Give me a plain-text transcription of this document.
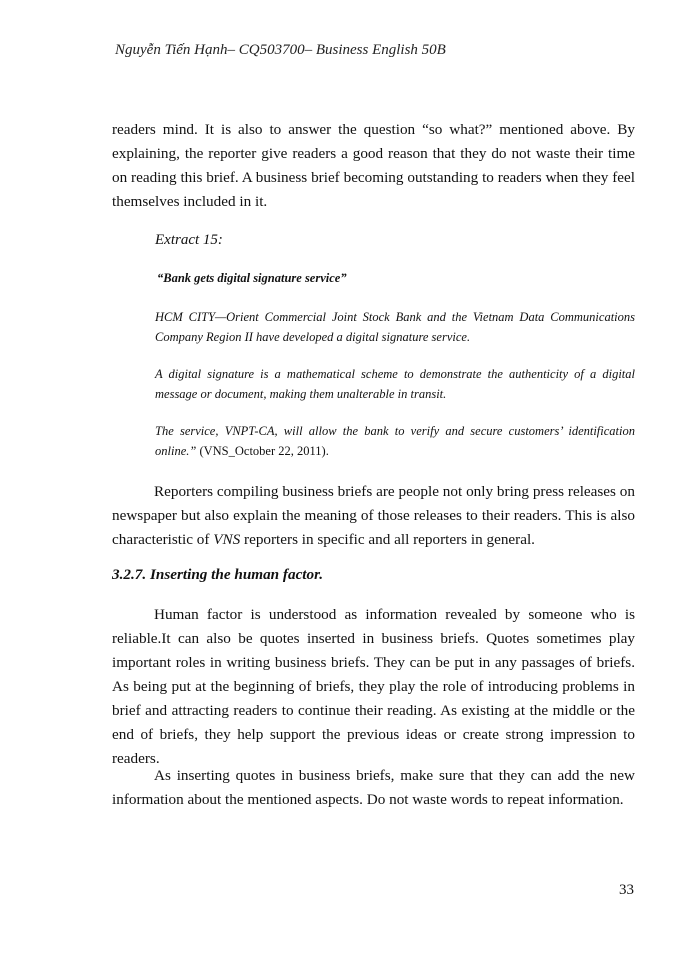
Nguyễn Tiến Hạnh– CQ503700– Business English 50B

readers mind. It is also to answer the question “so what?” mentioned above. By explaining, the reporter give readers a good reason that they do not waste their time on reading this brief. A business brief becoming outstanding to readers when they feel themselves included in it.

Extract 15:
“Bank gets digital signature service”

HCM CITY—Orient Commercial Joint Stock Bank and the Vietnam Data Communications Company Region II have developed a digital signature service.

A digital signature is a mathematical scheme to demonstrate the authenticity of a digital message or document, making them unalterable in transit.

The service, VNPT-CA, will allow the bank to verify and secure customers’ identification online.” (VNS_October 22, 2011).

Reporters compiling business briefs are people not only bring press releases on newspaper but also explain the meaning of those releases to their readers. This is also characteristic of VNS reporters in specific and all reporters in general.

3.2.7. Inserting the human factor.

Human factor is understood as information revealed by someone who is reliable.It can also be quotes inserted in business briefs. Quotes sometimes play important roles in writing business briefs. They can be put in any passages of briefs. As being put at the beginning of briefs, they play the role of introducing problems in brief and attracting readers to continue their reading. As existing at the middle or the end of briefs, they help support the previous ideas or create strong impression to readers.

As inserting quotes in business briefs, make sure that they can add the new information about the mentioned aspects. Do not waste words to repeat information.

33
